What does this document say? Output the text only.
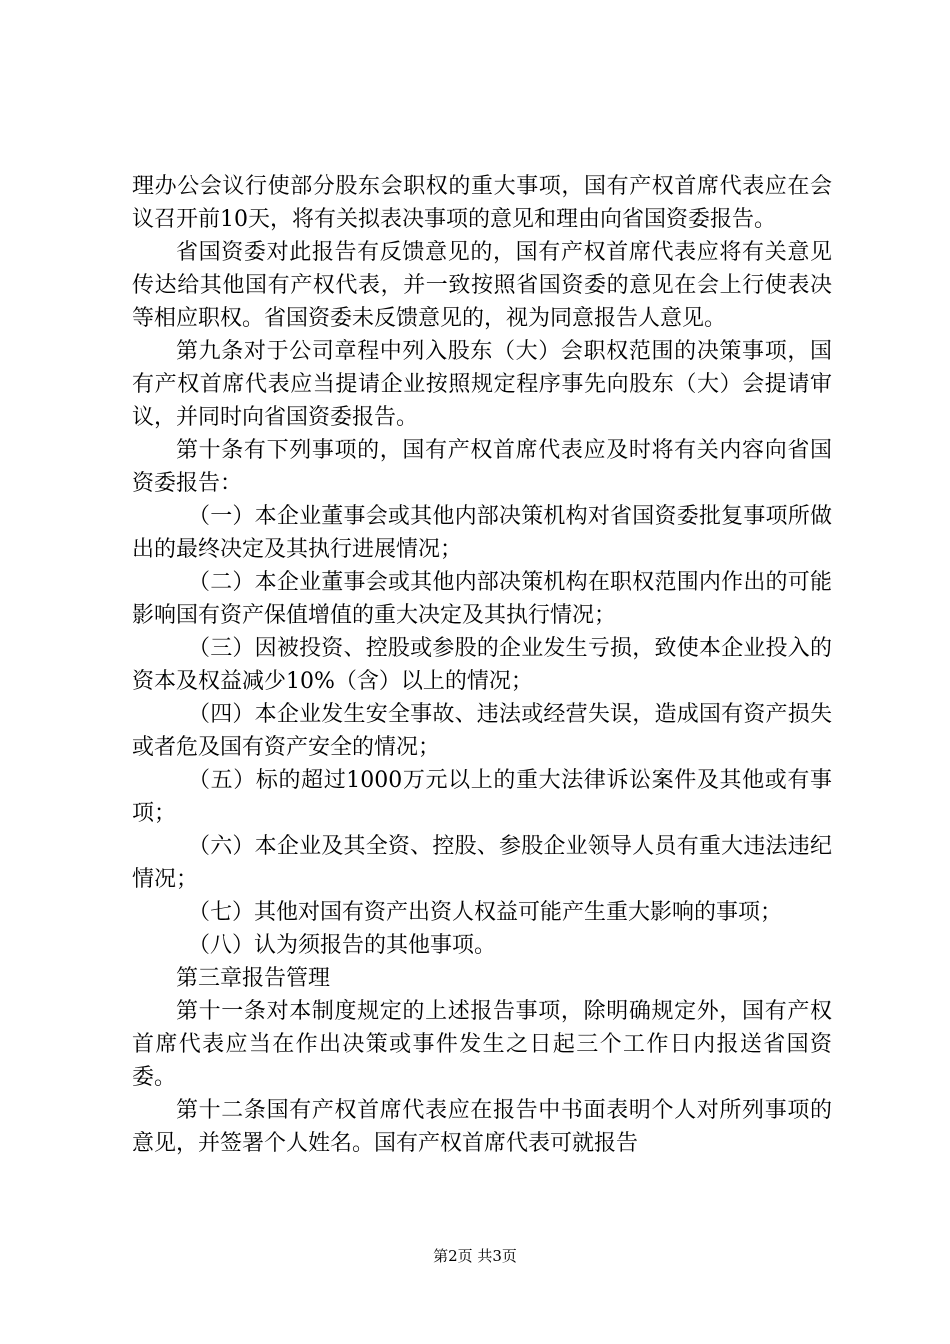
理办公会议行使部分股东会职权的重大事项，国有产权首席代表应在会议召开前10天，将有关拟表决事项的意见和理由向省国资委报告。

省国资委对此报告有反馈意见的，国有产权首席代表应将有关意见传达给其他国有产权代表，并一致按照省国资委的意见在会上行使表决等相应职权。省国资委未反馈意见的，视为同意报告人意见。

第九条对于公司章程中列入股东（大）会职权范围的决策事项，国有产权首席代表应当提请企业按照规定程序事先向股东（大）会提请审议，并同时向省国资委报告。

第十条有下列事项的，国有产权首席代表应及时将有关内容向省国资委报告：

（一）本企业董事会或其他内部决策机构对省国资委批复事项所做出的最终决定及其执行进展情况；

（二）本企业董事会或其他内部决策机构在职权范围内作出的可能影响国有资产保值增值的重大决定及其执行情况；

（三）因被投资、控股或参股的企业发生亏损，致使本企业投入的资本及权益减少10%（含）以上的情况；

（四）本企业发生安全事故、违法或经营失误，造成国有资产损失或者危及国有资产安全的情况；

（五）标的超过1000万元以上的重大法律诉讼案件及其他或有事项；

（六）本企业及其全资、控股、参股企业领导人员有重大违法违纪情况；

（七）其他对国有资产出资人权益可能产生重大影响的事项；

（八）认为须报告的其他事项。

第三章报告管理

第十一条对本制度规定的上述报告事项，除明确规定外，国有产权首席代表应当在作出决策或事件发生之日起三个工作日内报送省国资委。

第十二条国有产权首席代表应在报告中书面表明个人对所列事项的意见，并签署个人姓名。国有产权首席代表可就报告

第2页 共3页
